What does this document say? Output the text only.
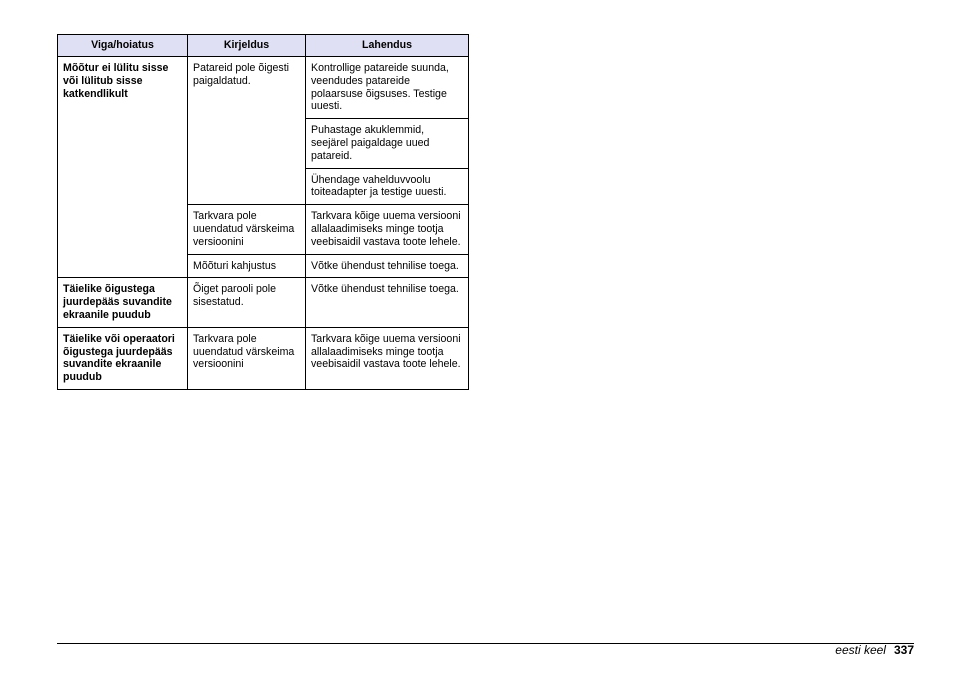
Viga/hoiatus	Kirjeldus	Lahendus
Mõõtur ei lülitu sisse või lülitub sisse katkendlikult	Patareid pole õigesti paigaldatud.	Kontrollige patareide suunda, veendudes patareide polaarsuse õigsuses. Testige uuesti.
		Puhastage akuklemmid, seejärel paigaldage uued patareid.
		Ühendage vahelduvvoolu toiteadapter ja testige uuesti.
	Tarkvara pole uuendatud värskeima versioonini	Tarkvara kõige uuema versiooni allalaadimiseks minge tootja veebisaidil vastava toote lehele.
	Mõõturi kahjustus	Võtke ühendust tehnilise toega.
Täielike õigustega juurdepääs suvandite ekraanile puudub	Õiget parooli pole sisestatud.	Võtke ühendust tehnilise toega.
Täielike või operaatori õigustega juurdepääs suvandite ekraanile puudub	Tarkvara pole uuendatud värskeima versioonini	Tarkvara kõige uuema versiooni allalaadimiseks minge tootja veebisaidil vastava toote lehele.
eesti keel 337
